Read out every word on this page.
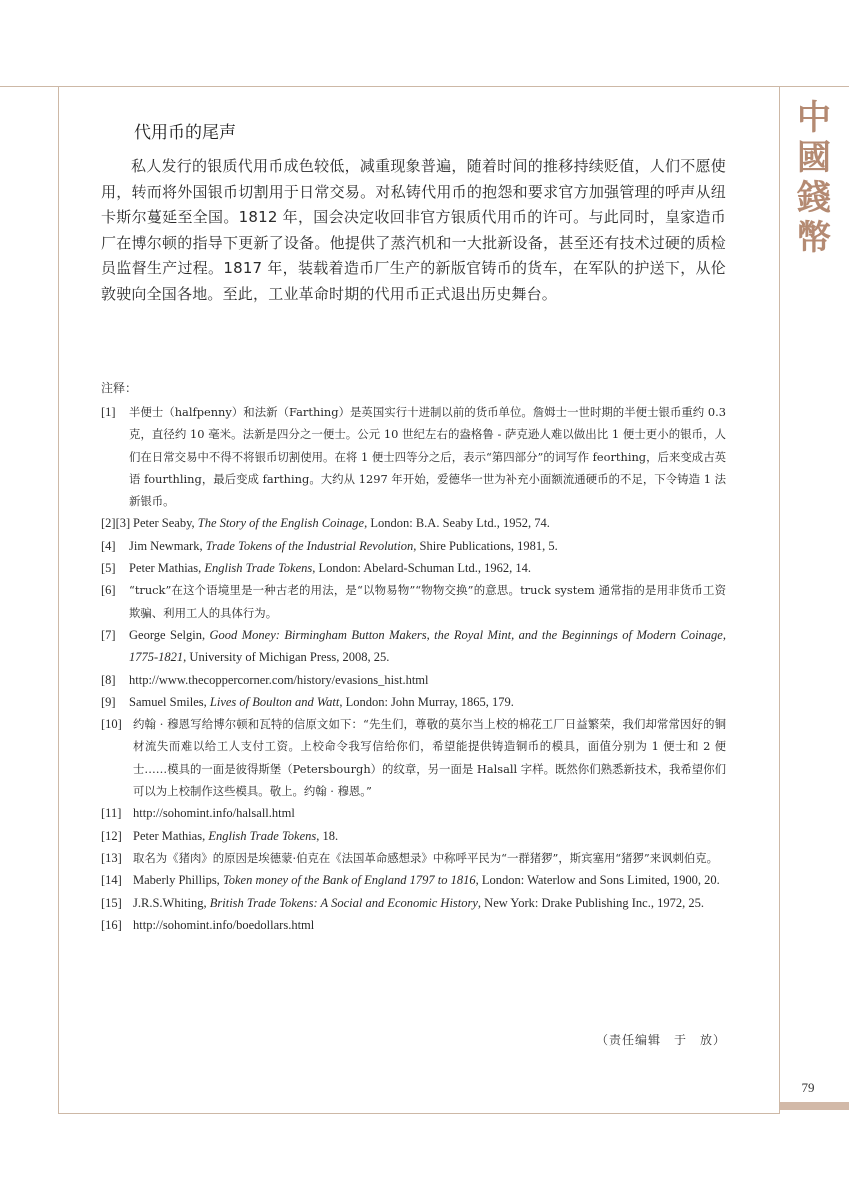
中
國
錢
幣
代用币的尾声

私人发行的银质代用币成色较低，减重现象普遍，随着时间的推移持续贬值，人们不愿使用，转而将外国银币切割用于日常交易。对私铸代用币的抱怨和要求官方加强管理的呼声从纽卡斯尔蔓延至全国。1812 年，国会决定收回非官方银质代用币的许可。与此同时，皇家造币厂在博尔顿的指导下更新了设备。他提供了蒸汽机和一大批新设备，甚至还有技术过硬的质检员监督生产过程。1817 年，装载着造币厂生产的新版官铸币的货车，在军队的护送下，从伦敦驶向全国各地。至此，工业革命时期的代用币正式退出历史舞台。

注释：
[1] 半便士（halfpenny）和法新（Farthing）是英国实行十进制以前的货币单位。詹姆士一世时期的半便士银币重约 0.3 克，直径约 10 毫米。法新是四分之一便士。公元 10 世纪左右的盎格鲁 - 萨克逊人难以做出比 1 便士更小的银币，人们在日常交易中不得不将银币切割使用。在将 1 便士四等分之后，表示“第四部分”的词写作 feorthing，后来变成古英语 fourthling，最后变成 farthing。大约从 1297 年开始，爱德华一世为补充小面额流通硬币的不足，下令铸造 1 法新银币。
[2][3] Peter Seaby, The Story of the English Coinage, London: B.A. Seaby Ltd., 1952, 74.
[4] Jim Newmark, Trade Tokens of the Industrial Revolution, Shire Publications, 1981, 5.
[5] Peter Mathias, English Trade Tokens, London: Abelard-Schuman Ltd., 1962, 14.
[6] “truck”在这个语境里是一种古老的用法，是“以物易物”“物物交换”的意思。truck system 通常指的是用非货币工资欺骗、利用工人的具体行为。
[7] George Selgin, Good Money: Birmingham Button Makers, the Royal Mint, and the Beginnings of Modern Coinage, 1775-1821, University of Michigan Press, 2008, 25.
[8] http://www.thecoppercorner.com/history/evasions_hist.html
[9] Samuel Smiles, Lives of Boulton and Watt, London: John Murray, 1865, 179.
[10] 约翰 · 穆恩写给博尔顿和瓦特的信原文如下：“先生们，尊敬的莫尔当上校的棉花工厂日益繁荣，我们却常常因好的铜材流失而难以给工人支付工资。上校命令我写信给你们，希望能提供铸造铜币的模具，面值分别为 1 便士和 2 便士……模具的一面是彼得斯堡（Petersbourgh）的纹章，另一面是 Halsall 字样。既然你们熟悉新技术，我希望你们可以为上校制作这些模具。敬上。约翰 · 穆恩。”
[11] http://sohomint.info/halsall.html
[12] Peter Mathias, English Trade Tokens, 18.
[13] 取名为《猪肉》的原因是埃德蒙·伯克在《法国革命感想录》中称呼平民为“一群猪猡”，斯宾塞用“猪猡”来讽刺伯克。
[14] Maberly Phillips, Token money of the Bank of England 1797 to 1816, London: Waterlow and Sons Limited, 1900, 20.
[15] J.R.S.Whiting, British Trade Tokens: A Social and Economic History, New York: Drake Publishing Inc., 1972, 25.
[16] http://sohomint.info/boedollars.html
（责任编辑　于　放）
79
